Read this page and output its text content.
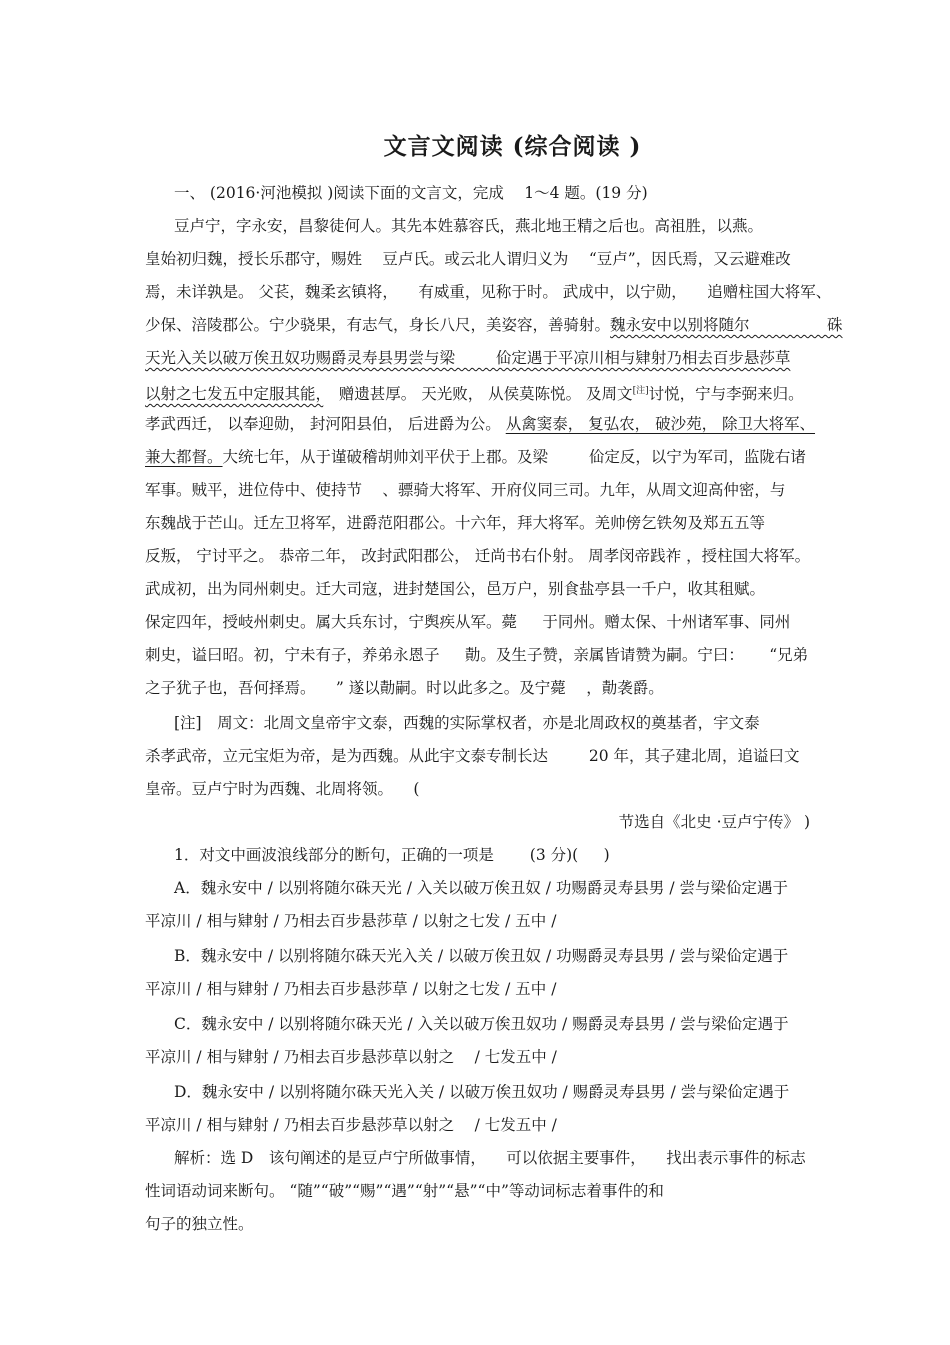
文言文阅读 (综合阅读 )
一、 (2016·河池模拟 )阅读下面的文言文，完成　 1～4 题。(19 分)
豆卢宁，字永安，昌黎徒何人。其先本姓慕容氏，燕北地王精之后也。高祖胜，以燕。
皇始初归魏，授长乐郡守，赐姓 　豆卢氏。或云北人谓归义为 　“豆卢”，因氏焉，又云避难改
焉，未详孰是。 父苌，魏柔玄镇将， 　有威重，见称于时。 武成中，以宁勋， 　追赠柱国大将军、
少保、涪陵郡公。宁少骁果，有志气，身长八尺，美姿容，善骑射。魏永安中以别将随尔　　　　　硃
天光入关以破万俟丑奴功赐爵灵寿县男尝与梁 　　 佡定遇于平凉川相与肄射乃相去百步悬莎草
以射之七发五中定服其能，　赠遗甚厚。 天光败， 从侯莫陈悦。 及周文[注]讨悦，宁与李弼来归。
孝武西迁， 以奉迎勋， 封河阳县伯， 后进爵为公。 从禽窦泰， 复弘农， 破沙苑， 除卫大将军、
兼大都督。大统七年，从于谨破稽胡帅刘平伏于上郡。及梁 　　 佡定反，以宁为军司，监陇右诸
军事。贼平，进位侍中、使持节 　、骠骑大将军、开府仪同三司。九年，从周文迎高仲密，与
东魏战于芒山。迁左卫将军，进爵范阳郡公。十六年，拜大将军。羌帅傍乞铁匆及郑五五等
反叛， 宁讨平之。 恭帝二年， 改封武阳郡公， 迁尚书右仆射。 周孝闵帝践祚 ，授柱国大将军。
武成初，出为同州刺史。迁大司寇，进封楚国公，邑万户，别食盐亭县一千户，收其租赋。
保定四年，授岐州刺史。属大兵东讨，宁舆疾从军。薨 　 于同州。赠太保、十州诸军事、同州
刺史，谥曰昭。初，宁未有子，养弟永恩子 　 勣。及生子赞，亲属皆请赞为嗣。宁曰： 　 “兄弟
之子犹子也，吾何择焉。 　” 遂以勣嗣。时以此多之。及宁薨 　，勣袭爵。
[注]　周文：北周文皇帝宇文泰，西魏的实际掌权者，亦是北周政权的奠基者，宇文泰
杀孝武帝，立元宝炬为帝，是为西魏。从此宇文泰专制长达 　　 20 年，其子建北周，追谥曰文
皇帝。豆卢宁时为西魏、北周将领。 　(
节选自《北史 ·豆卢宁传》 )
1．对文中画波浪线部分的断句，正确的一项是 　　(3 分)( 　 )
A．魏永安中 / 以别将随尔硃天光 / 入关以破万俟丑奴 / 功赐爵灵寿县男 / 尝与梁佡定遇于
平凉川 / 相与肄射 / 乃相去百步悬莎草 / 以射之七发 / 五中 /
B．魏永安中 / 以别将随尔硃天光入关 / 以破万俟丑奴 / 功赐爵灵寿县男 / 尝与梁佡定遇于
平凉川 / 相与肄射 / 乃相去百步悬莎草 / 以射之七发 / 五中 /
C．魏永安中 / 以别将随尔硃天光 / 入关以破万俟丑奴功 / 赐爵灵寿县男 / 尝与梁佡定遇于
平凉川 / 相与肄射 / 乃相去百步悬莎草以射之 　/ 七发五中 /
D．魏永安中 / 以别将随尔硃天光入关 / 以破万俟丑奴功 / 赐爵灵寿县男 / 尝与梁佡定遇于
平凉川 / 相与肄射 / 乃相去百步悬莎草以射之 　/ 七发五中 /
解析：选 D　该句阐述的是豆卢宁所做事情， 　可以依据主要事件， 　找出表示事件的标志
性词语动词来断句。 “随”“破”“赐”“遇”“射”“悬”“中”等动词标志着事件的和
句子的独立性。
